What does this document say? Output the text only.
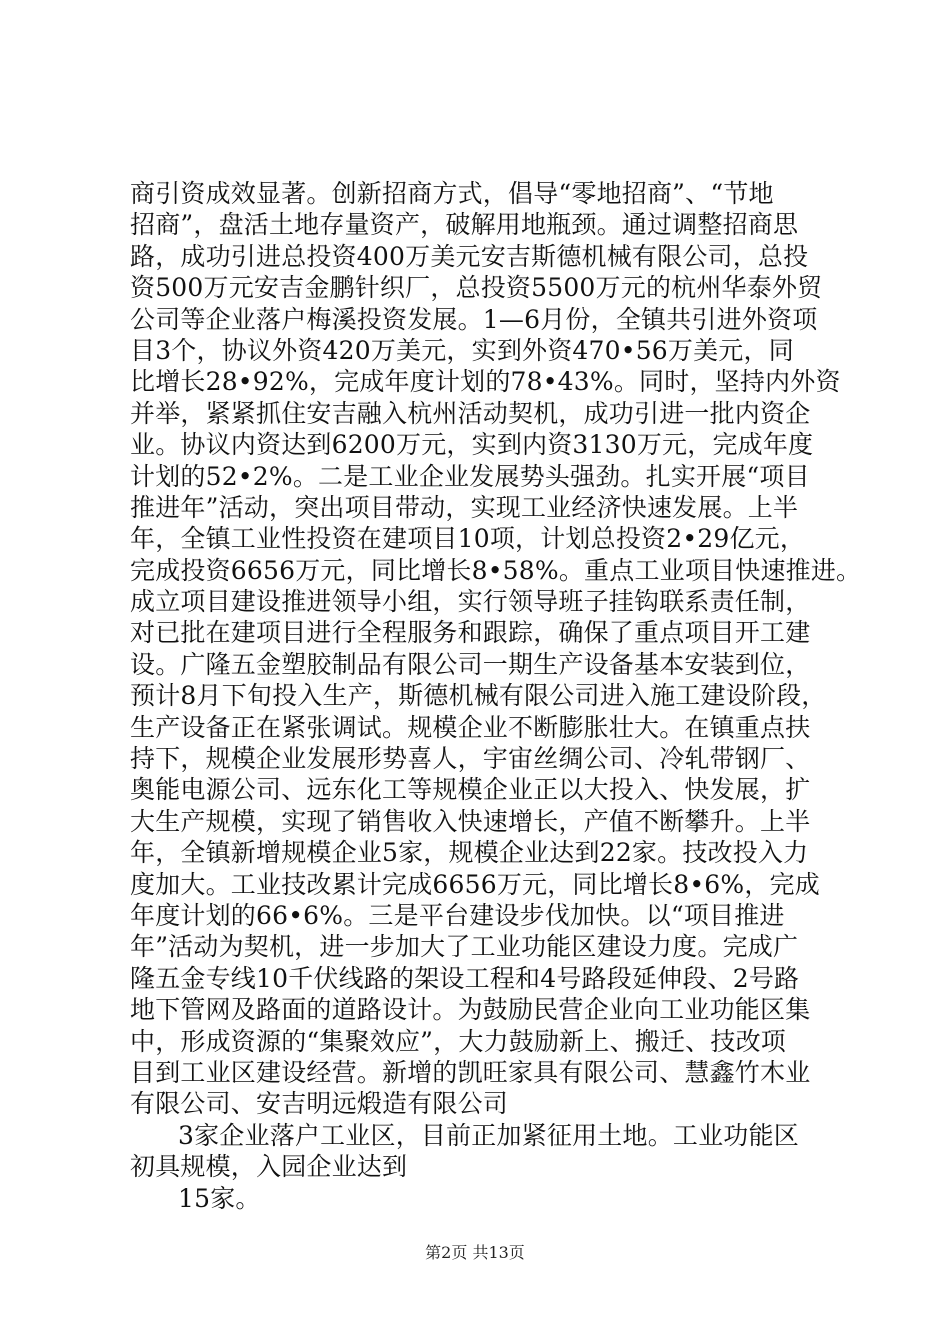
商引资成效显著。创新招商方式，倡导“零地招商”、“节地
招商”，盘活土地存量资产，破解用地瓶颈。通过调整招商思
路，成功引进总投资400万美元安吉斯德机械有限公司，总投
资500万元安吉金鹏针织厂，总投资5500万元的杭州华泰外贸
公司等企业落户梅溪投资发展。1—6月份，全镇共引进外资项
目3个，协议外资420万美元，实到外资470•56万美元，同
比增长28•92%，完成年度计划的78•43%。同时，坚持内外资
并举，紧紧抓住安吉融入杭州活动契机，成功引进一批内资企
业。协议内资达到6200万元，实到内资3130万元，完成年度
计划的52•2%。二是工业企业发展势头强劲。扎实开展“项目
推进年”活动，突出项目带动，实现工业经济快速发展。上半
年，全镇工业性投资在建项目10项，计划总投资2•29亿元，
完成投资6656万元，同比增长8•58%。重点工业项目快速推进。
成立项目建设推进领导小组，实行领导班子挂钩联系责任制，
对已批在建项目进行全程服务和跟踪，确保了重点项目开工建
设。广隆五金塑胶制品有限公司一期生产设备基本安装到位，
预计8月下旬投入生产，斯德机械有限公司进入施工建设阶段，
生产设备正在紧张调试。规模企业不断膨胀壮大。在镇重点扶
持下，规模企业发展形势喜人，宇宙丝绸公司、冷轧带钢厂、
奥能电源公司、远东化工等规模企业正以大投入、快发展，扩
大生产规模，实现了销售收入快速增长，产值不断攀升。上半
年，全镇新增规模企业5家，规模企业达到22家。技改投入力
度加大。工业技改累计完成6656万元，同比增长8•6%，完成
年度计划的66•6%。三是平台建设步伐加快。以“项目推进
年”活动为契机，进一步加大了工业功能区建设力度。完成广
隆五金专线10千伏线路的架设工程和4号路段延伸段、2号路
地下管网及路面的道路设计。为鼓励民营企业向工业功能区集
中，形成资源的“集聚效应”，大力鼓励新上、搬迁、技改项
目到工业区建设经营。新增的凯旺家具有限公司、慧鑫竹木业
有限公司、安吉明远煅造有限公司
3家企业落户工业区，目前正加紧征用土地。工业功能区
初具规模，入园企业达到
15家。
第2页 共13页
